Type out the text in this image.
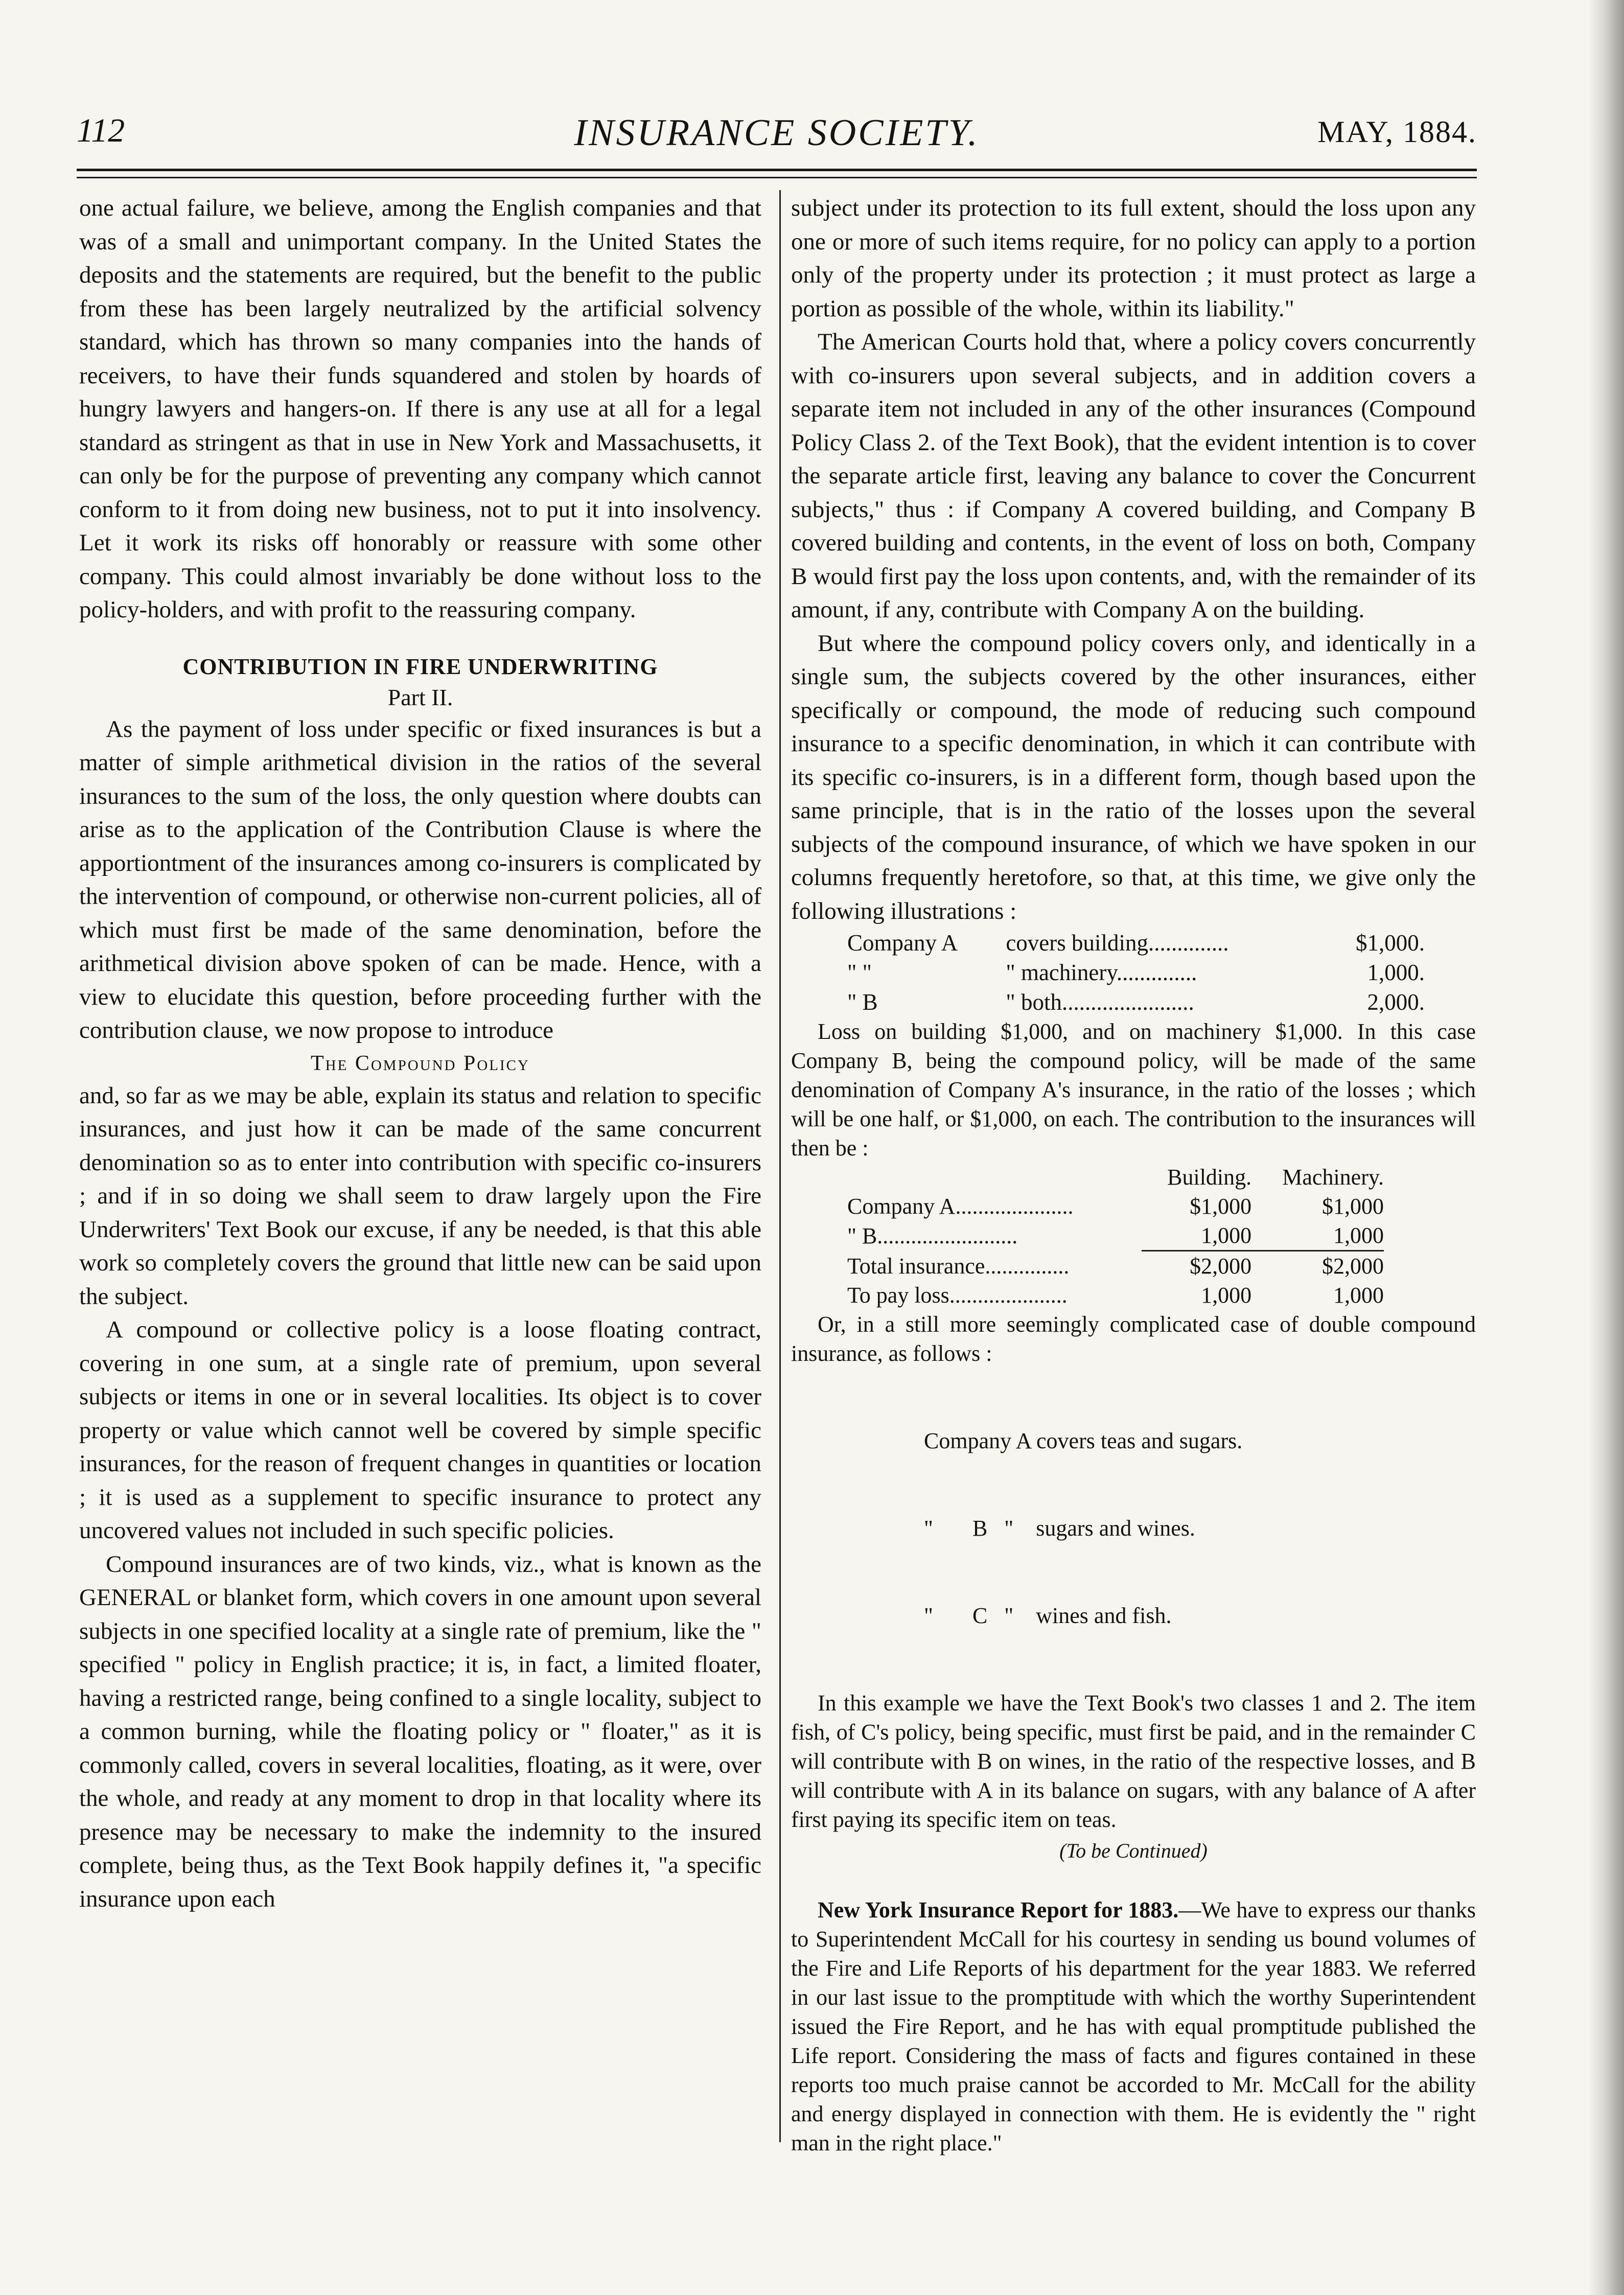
112	INSURANCE SOCIETY.	MAY, 1884.

one actual failure, we believe, among the English companies and that was of a small and unimportant company. In the United States the deposits and the statements are required, but the benefit to the public from these has been largely neutralized by the artificial solvency standard, which has thrown so many companies into the hands of receivers, to have their funds squandered and stolen by hoards of hungry lawyers and hangers-on. If there is any use at all for a legal standard as stringent as that in use in New York and Massachusetts, it can only be for the purpose of preventing any company which cannot conform to it from doing new business, not to put it into insolvency. Let it work its risks off honorably or reassure with some other company. This could almost invariably be done without loss to the policy-holders, and with profit to the reassuring company.

CONTRIBUTION IN FIRE UNDERWRITING
Part II.

As the payment of loss under specific or fixed insurances is but a matter of simple arithmetical division in the ratios of the several insurances to the sum of the loss, the only question where doubts can arise as to the application of the Contribution Clause is where the apportiontment of the insurances among co-insurers is complicated by the intervention of compound, or otherwise non-current policies, all of which must first be made of the same denomination, before the arithmetical division above spoken of can be made. Hence, with a view to elucidate this question, before proceeding further with the contribution clause, we now propose to introduce

The Compound Policy

and, so far as we may be able, explain its status and relation to specific insurances, and just how it can be made of the same concurrent denomination so as to enter into contribution with specific co-insurers ; and if in so doing we shall seem to draw largely upon the Fire Underwriters' Text Book our excuse, if any be needed, is that this able work so completely covers the ground that little new can be said upon the subject.

A compound or collective policy is a loose floating contract, covering in one sum, at a single rate of premium, upon several subjects or items in one or in several localities. Its object is to cover property or value which cannot well be covered by simple specific insurances, for the reason of frequent changes in quantities or location ; it is used as a supplement to specific insurance to protect any uncovered values not included in such specific policies.

Compound insurances are of two kinds, viz., what is known as the GENERAL or blanket form, which covers in one amount upon several subjects in one specified locality at a single rate of premium, like the " specified " policy in English practice; it is, in fact, a limited floater, having a restricted range, being confined to a single locality, subject to a common burning, while the floating policy or " floater," as it is commonly called, covers in several localities, floating, as it were, over the whole, and ready at any moment to drop in that locality where its presence may be necessary to make the indemnity to the insured complete, being thus, as the Text Book happily defines it, "a specific insurance upon each

subject under its protection to its full extent, should the loss upon any one or more of such items require, for no policy can apply to a portion only of the property under its protection ; it must protect as large a portion as possible of the whole, within its liability."

The American Courts hold that, where a policy covers concurrently with co-insurers upon several subjects, and in addition covers a separate item not included in any of the other insurances (Compound Policy Class 2. of the Text Book), that the evident intention is to cover the separate article first, leaving any balance to cover the Concurrent subjects," thus : if Company A covered building, and Company B covered building and contents, in the event of loss on both, Company B would first pay the loss upon contents, and, with the remainder of its amount, if any, contribute with Company A on the building.

But where the compound policy covers only, and identically in a single sum, the subjects covered by the other insurances, either specifically or compound, the mode of reducing such compound insurance to a specific denomination, in which it can contribute with its specific co-insurers, is in a different form, though based upon the same principle, that is in the ratio of the losses upon the several subjects of the compound insurance, of which we have spoken in our columns frequently heretofore, so that, at this time, we give only the following illustrations :

Company A	covers building..............	$1,000.
" "	" machinery..............	1,000.
" B	" both.......................	2,000.

Loss on building $1,000, and on machinery $1,000. In this case Company B, being the compound policy, will be made of the same denomination of Company A's insurance, in the ratio of the losses ; which will be one half, or $1,000, on each. The contribution to the insurances will then be :

	Building.	Machinery.
Company A.....................	$1,000	$1,000
" B.........................	1,000	1,000

Total insurance...............	$2,000	$2,000
To pay loss.....................	1,000	1,000

Or, in a still more seemingly complicated case of double compound insurance, as follows :

Company A covers teas and sugars.

"       B   "    sugars and wines.

"       C   "    wines and fish.

In this example we have the Text Book's two classes 1 and 2. The item fish, of C's policy, being specific, must first be paid, and in the remainder C will contribute with B on wines, in the ratio of the respective losses, and B will contribute with A in its balance on sugars, with any balance of A after first paying its specific item on teas.

(To be Continued)

New York Insurance Report for 1883.—We have to express our thanks to Superintendent McCall for his courtesy in sending us bound volumes of the Fire and Life Reports of his department for the year 1883. We referred in our last issue to the promptitude with which the worthy Superintendent issued the Fire Report, and he has with equal promptitude published the Life report. Considering the mass of facts and figures contained in these reports too much praise cannot be accorded to Mr. McCall for the ability and energy displayed in connection with them. He is evidently the " right man in the right place."
